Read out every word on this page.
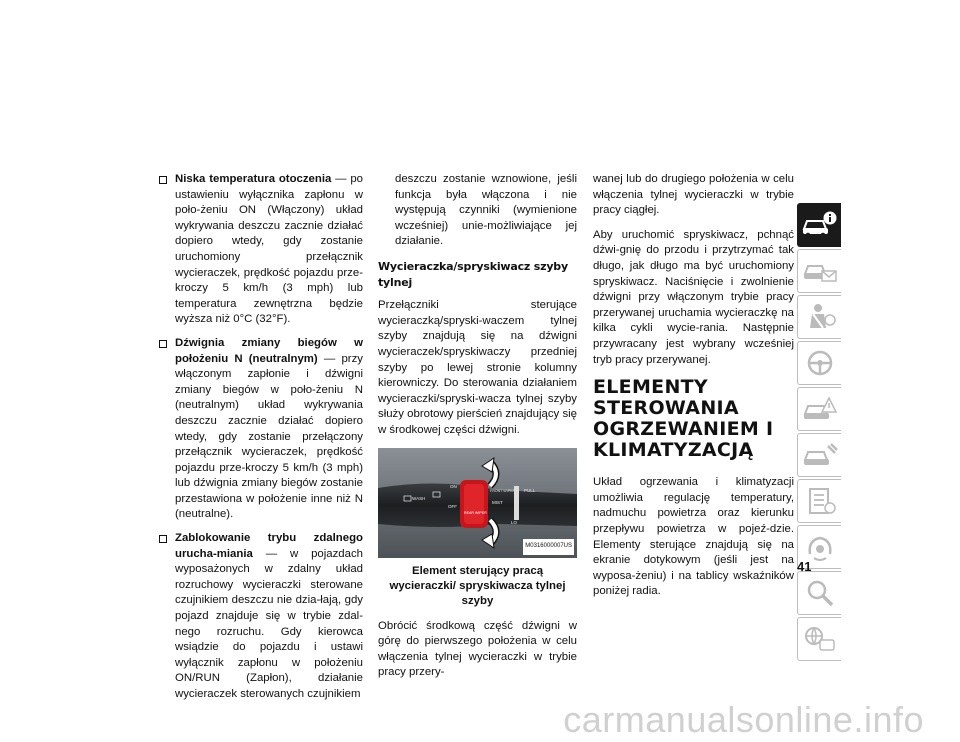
Niska temperatura otoczenia — po ustawieniu wyłącznika zapłonu w poło-żeniu ON (Włączony) układ wykrywania deszczu zacznie działać dopiero wtedy, gdy zostanie uruchomiony przełącznik wycieraczek, prędkość pojazdu prze-kroczy 5 km/h (3 mph) lub temperatura zewnętrzna będzie wyższa niż 0°C (32°F).
Dźwignia zmiany biegów w położeniu N (neutralnym) — przy włączonym zapłonie i dźwigni zmiany biegów w poło-żeniu N (neutralnym) układ wykrywania deszczu zacznie działać dopiero wtedy, gdy zostanie przełączony przełącznik wycieraczek, prędkość pojazdu prze-kroczy 5 km/h (3 mph) lub dźwignia zmiany biegów zostanie przestawiona w położenie inne niż N (neutralne).
Zablokowanie trybu zdalnego urucha-miania — w pojazdach wyposażonych w zdalny układ rozruchowy wycieraczki sterowane czujnikiem deszczu nie dzia-łają, gdy pojazd znajduje się w trybie zdal-nego rozruchu. Gdy kierowca wsiądzie do pojazdu i ustawi wyłącznik zapłonu w położeniu ON/RUN (Zapłon), działanie wycieraczek sterowanych czujnikiem

deszczu zostanie wznowione, jeśli funkcja była włączona i nie występują czynniki (wymienione wcześniej) unie-możliwiające jej działanie.

Wycieraczka/spryskiwacz szyby tylnej

Przełączniki sterujące wycieraczką/spryski-waczem tylnej szyby znajdują się na dźwigni wycieraczek/spryskiwaczy przedniej szyby po lewej stronie kolumny kierowniczy. Do sterowania działaniem wycieraczki/spryski-wacza tylnej szyby służy obrotowy pierścień znajdujący się w środkowej części dźwigni.

ON
WASH
OFF
REAR WIPER
MIST
PULL
LO
FRONT WIPER
M0316000007US
Element sterujący pracą wycieraczki/ spryskiwacza tylnej szyby

Obrócić środkową część dźwigni w górę do pierwszego położenia w celu włączenia tylnej wycieraczki w trybie pracy przery-

wanej lub do drugiego położenia w celu włączenia tylnej wycieraczki w trybie pracy ciągłej.

Aby uruchomić spryskiwacz, pchnąć dźwi-gnię do przodu i przytrzymać tak długo, jak długo ma być uruchomiony spryskiwacz. Naciśnięcie i zwolnienie dźwigni przy włączonym trybie pracy przerywanej uruchamia wycieraczkę na kilka cykli wycie-rania. Następnie przywracany jest wybrany wcześniej tryb pracy przerywanej.

ELEMENTY STEROWANIA OGRZEWANIEM I KLIMATYZACJĄ

Układ ogrzewania i klimatyzacji umożliwia regulację temperatury, nadmuchu powietrza oraz kierunku przepływu powietrza w pojeź-dzie. Elementy sterujące znajdują się na ekranie dotykowym (jeśli jest na wyposa-żeniu) i na tablicy wskaźników poniżej radia.

41
carmanualsonline.info
